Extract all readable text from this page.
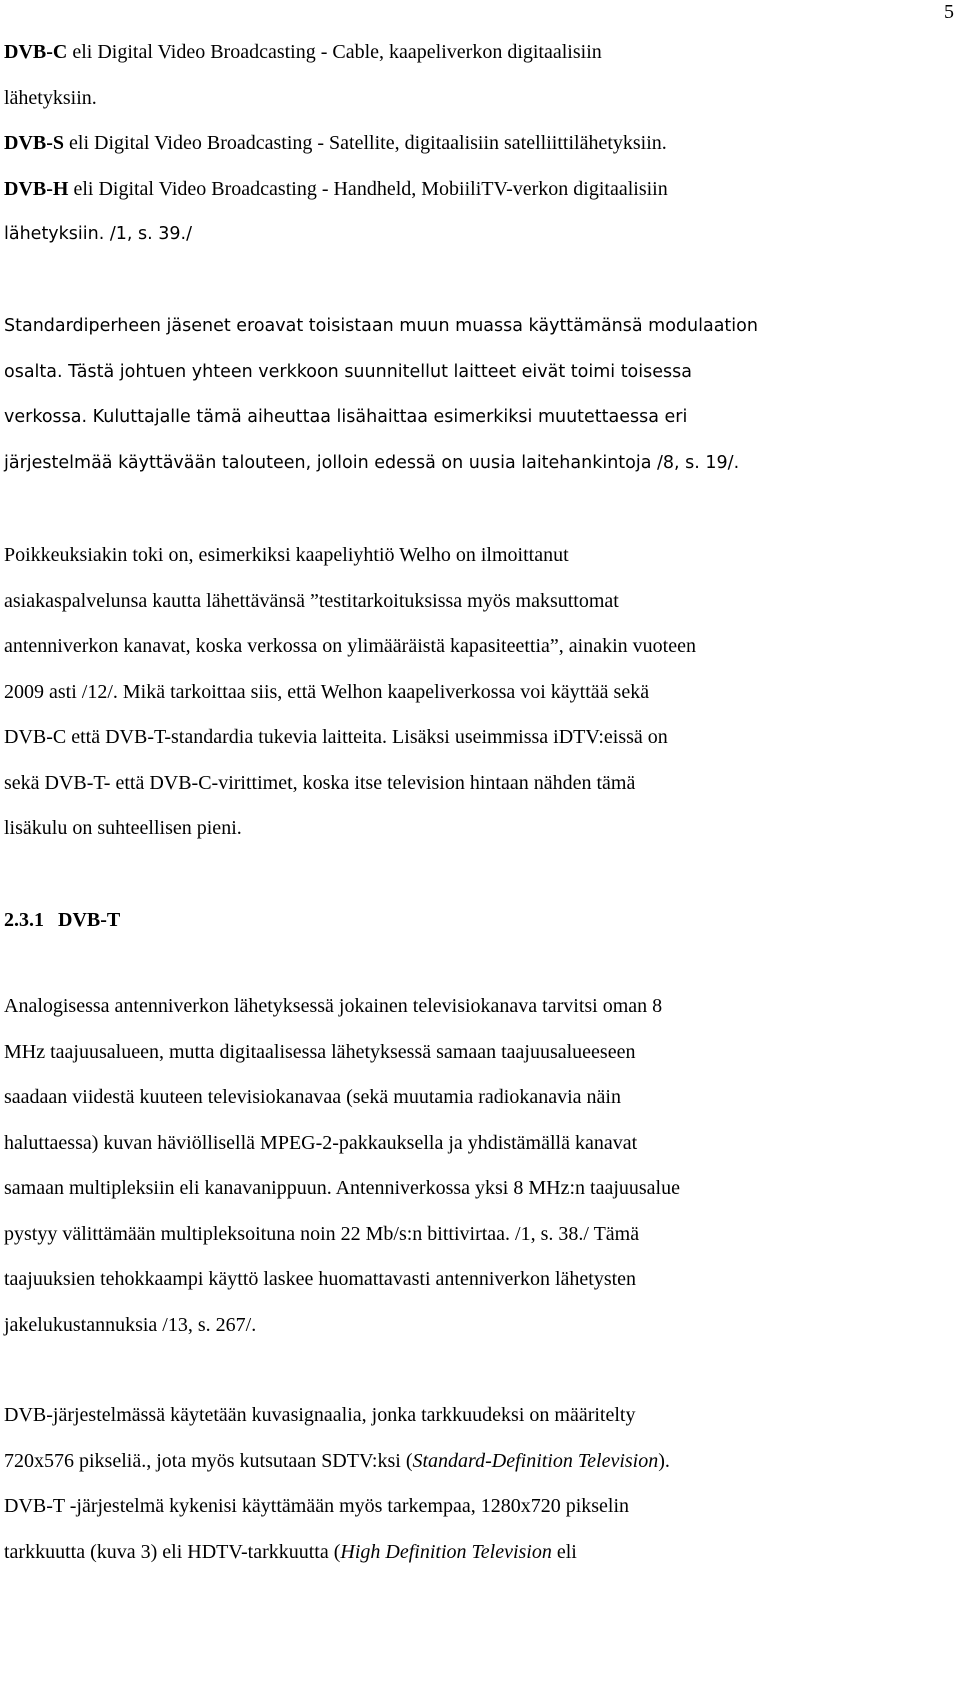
5
DVB-C eli Digital Video Broadcasting - Cable, kaapeliverkon digitaalisiin
lähetyksiin.
DVB-S eli Digital Video Broadcasting - Satellite, digitaalisiin satelliittilähetyksiin.
DVB-H eli Digital Video Broadcasting - Handheld, MobiiliTV-verkon digitaalisiin
lähetyksiin. /1, s. 39./
Standardiperheen jäsenet eroavat toisistaan muun muassa käyttämänsä modulaation
osalta. Tästä johtuen yhteen verkkoon suunnitellut laitteet eivät toimi toisessa
verkossa. Kuluttajalle tämä aiheuttaa lisähaittaa esimerkiksi muutettaessa eri
järjestelmää käyttävään talouteen, jolloin edessä on uusia laitehankintoja /8, s. 19/.
Poikkeuksiakin toki on, esimerkiksi kaapeliyhtiö Welho on ilmoittanut
asiakaspalvelunsa kautta lähettävänsä ”testitarkoituksissa myös maksuttomat
antenniverkon kanavat, koska verkossa on ylimääräistä kapasiteettia”, ainakin vuoteen
2009 asti /12/. Mikä tarkoittaa siis, että Welhon kaapeliverkossa voi käyttää sekä
DVB-C että DVB-T-standardia tukevia laitteita. Lisäksi useimmissa iDTV:eissä on
sekä DVB-T- että DVB-C-virittimet, koska itse television hintaan nähden tämä
lisäkulu on suhteellisen pieni.
2.3.1 DVB-T
Analogisessa antenniverkon lähetyksessä jokainen televisiokanava tarvitsi oman 8
MHz taajuusalueen, mutta digitaalisessa lähetyksessä samaan taajuusalueeseen
saadaan viidestä kuuteen televisiokanavaa (sekä muutamia radiokanavia näin
haluttaessa) kuvan häviöllisellä MPEG-2-pakkauksella ja yhdistämällä kanavat
samaan multipleksiin eli kanavanippuun. Antenniverkossa yksi 8 MHz:n taajuusalue
pystyy välittämään multipleksoituna noin 22 Mb/s:n bittivirtaa. /1, s. 38./ Tämä
taajuuksien tehokkaampi käyttö laskee huomattavasti antenniverkon lähetysten
jakelukustannuksia /13, s. 267/.
DVB-järjestelmässä käytetään kuvasignaalia, jonka tarkkuudeksi on määritelty
720x576 pikseliä., jota myös kutsutaan SDTV:ksi (Standard-Definition Television).
DVB-T -järjestelmä kykenisi käyttämään myös tarkempaa, 1280x720 pikselin
tarkkuutta (kuva 3) eli HDTV-tarkkuutta (High Definition Television eli
